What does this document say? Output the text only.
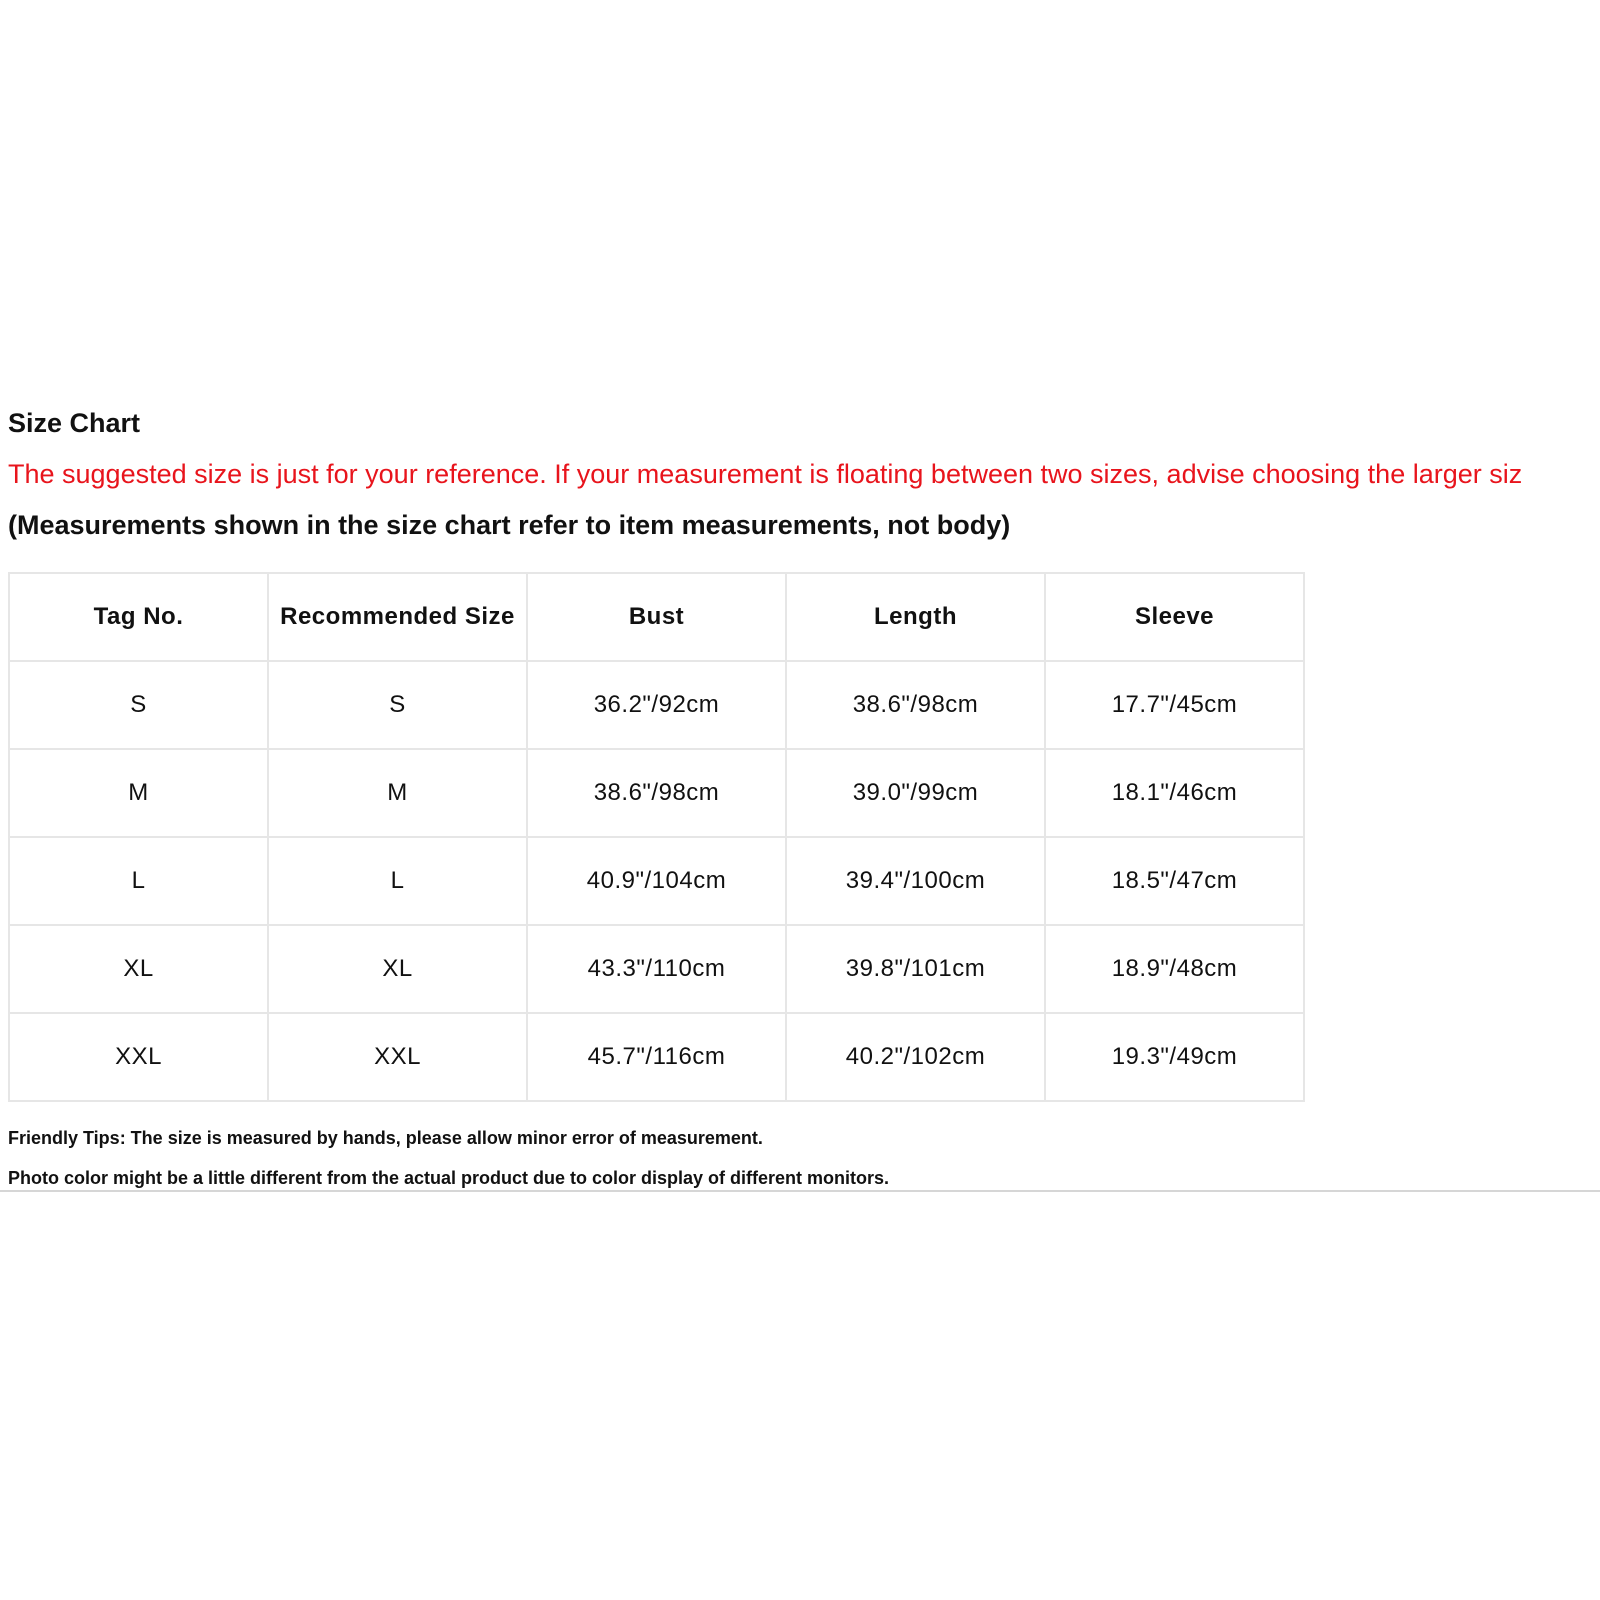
Size Chart
The suggested size is just for your reference. If your measurement is floating between two sizes, advise choosing the larger siz
(Measurements shown in the size chart refer to item measurements, not body)
Tag No.	Recommended Size	Bust	Length	Sleeve
S	S	36.2"/92cm	38.6"/98cm	17.7"/45cm
M	M	38.6"/98cm	39.0"/99cm	18.1"/46cm
L	L	40.9"/104cm	39.4"/100cm	18.5"/47cm
XL	XL	43.3"/110cm	39.8"/101cm	18.9"/48cm
XXL	XXL	45.7"/116cm	40.2"/102cm	19.3"/49cm
Friendly Tips: The size is measured by hands, please allow minor error of measurement.
Photo color might be a little different from the actual product due to color display of different monitors.
